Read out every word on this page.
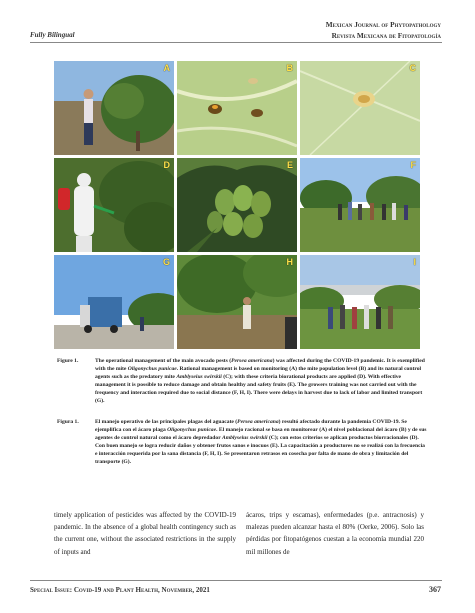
Fully Bilingual
Mexican Journal of Phytopathology
Revista Mexicana de Fitopatología
A	B	C
D	E	F
G	H	I
Figure 1.	The operational management of the main avocado pests (Persea americana) was affected during the COVID-19 pandemic. It is exemplified with the mite Oligonychus punicae. Rational management is based on monitoring (A) the mite population level (B) and its natural control agents such as the predatory mite Amblyseius swirskii (C); with these criteria biorational products are applied (D). With effective management it is possible to reduce damage and obtain healthy and safety fruits (E). The growers training was not carried out with the frequency and interaction required due to social distance (F, H, I). There were delays in harvest due to lack of labor and limited transport (G).
Figura 1.	El manejo operativo de las principales plagas del aguacate (Persea americana) resultó afectado durante la pandemia COVID-19. Se ejemplifica con el ácaro plaga Oligonychus punicae. El manejo racional se basa en monitorear (A) el nivel poblacional del ácaro (B) y de sus agentes de control natural como el ácaro depredador Amblyseius swirskii (C); con estos criterios se aplican productos biorracionales (D). Con buen manejo se logra reducir daños y obtener frutos sanos e inocuos (E). La capacitación a productores no se realizó con la frecuencia e interacción requerida por la sana distancia (F, H, I). Se presentaron retrasos en cosecha por falta de mano de obra y limitación del transporte (G).
timely application of pesticides was affected by the COVID-19 pandemic. In the absence of a global health contingency such as the current one, without the associated restrictions in the supply of inputs and
ácaros, trips y escamas), enfermedades (p.e. antracnosis) y malezas pueden alcanzar hasta el 80% (Oerke, 2006). Solo las pérdidas por fitopatógenos cuestan a la economía mundial 220 mil millones de
Special Issue: Covid-19 and Plant Health, November, 2021	367
